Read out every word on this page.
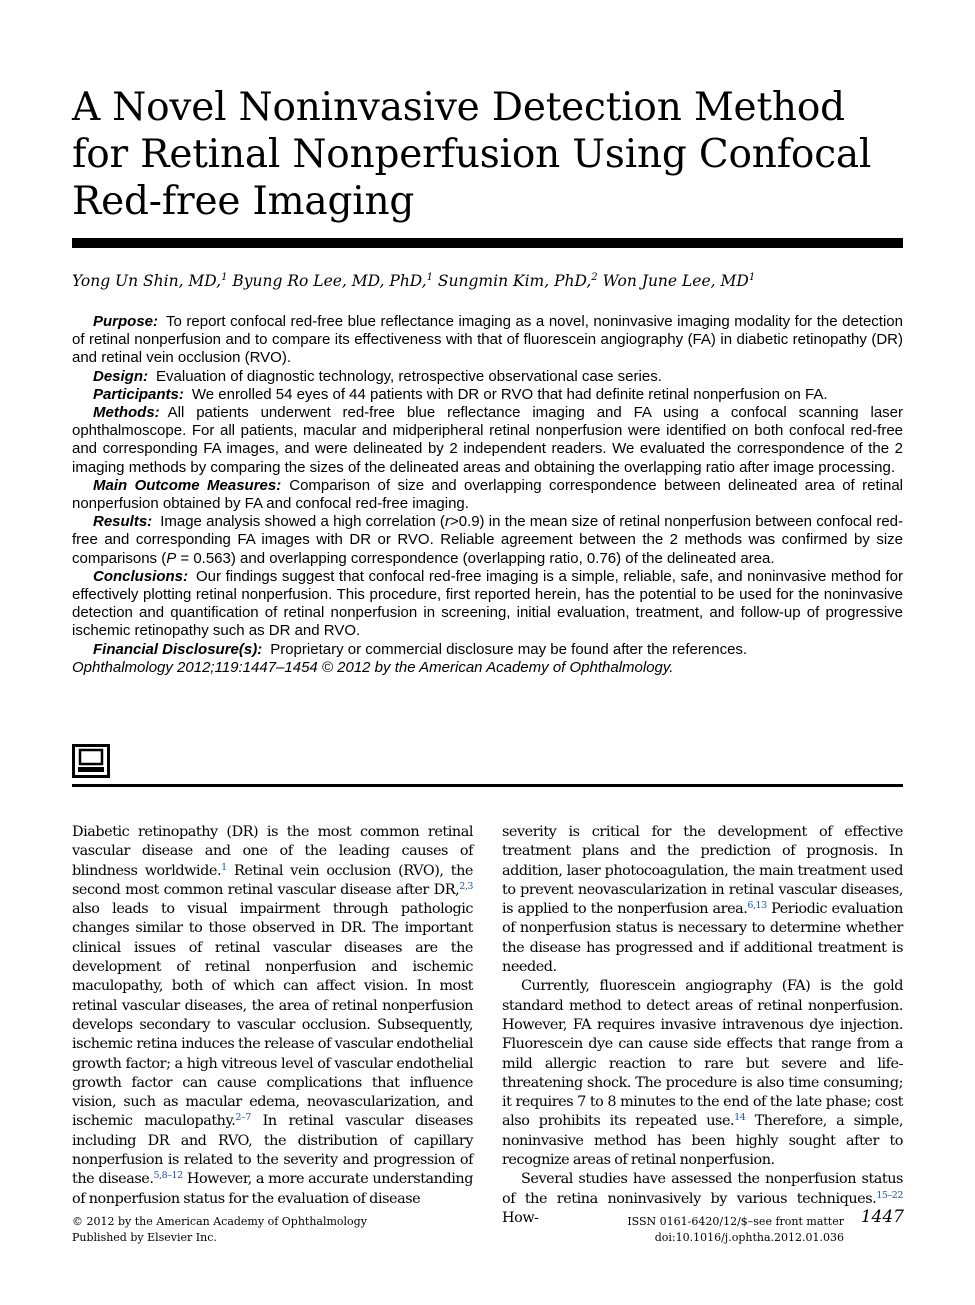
A Novel Noninvasive Detection Method for Retinal Nonperfusion Using Confocal Red-free Imaging
Yong Un Shin, MD,$^1$ Byung Ro Lee, MD, PhD,$^1$ Sungmin Kim, PhD,$^2$ Won June Lee, $MD^1$

Purpose: To report confocal red-free blue reflectance imaging as a novel, noninvasive imaging modality for the detection of retinal nonperfusion and to compare its effectiveness with that of fluorescein angiography (FA) in diabetic retinopathy (DR) and retinal vein occlusion (RVO).

Design: Evaluation of diagnostic technology, retrospective observational case series.

Participants: We enrolled 54 eyes of 44 patients with DR or RVO that had definite retinal nonperfusion on FA.

Methods: All patients underwent red-free blue reflectance imaging and FA using a confocal scanning laser ophthalmoscope. For all patients, macular and midperipheral retinal nonperfusion were identified on both confocal red-free and corresponding FA images, and were delineated by 2 independent readers. We evaluated the correspondence of the 2 imaging methods by comparing the sizes of the delineated areas and obtaining the overlapping ratio after image processing.

Main Outcome Measures: Comparison of size and overlapping correspondence between delineated area of retinal nonperfusion obtained by FA and confocal red-free imaging.

Results: Image analysis showed a high correlation (r>0.9) in the mean size of retinal nonperfusion between confocal red-free and corresponding FA images with DR or RVO. Reliable agreement between the 2 methods was confirmed by size comparisons (P = 0.563) and overlapping correspondence (overlapping ratio, 0.76) of the delineated area.

Conclusions: Our findings suggest that confocal red-free imaging is a simple, reliable, safe, and noninvasive method for effectively plotting retinal nonperfusion. This procedure, first reported herein, has the potential to be used for the noninvasive detection and quantification of retinal nonperfusion in screening, initial evaluation, treatment, and follow-up of progressive ischemic retinopathy such as DR and RVO.

Financial Disclosure(s): Proprietary or commercial disclosure may be found after the references.

Ophthalmology 2012;119:1447–1454 © 2012 by the American Academy of Ophthalmology.

Diabetic retinopathy (DR) is the most common retinal vascular disease and one of the leading causes of blindness worldwide.$^1$ Retinal vein occlusion (RVO), the second most common retinal vascular disease after DR,$^{2,3}$ also leads to visual impairment through pathologic changes similar to those observed in DR. The important clinical issues of retinal vascular diseases are the development of retinal nonperfusion and ischemic maculopathy, both of which can affect vision. In most retinal vascular diseases, the area of retinal nonperfusion develops secondary to vascular occlusion. Subsequently, ischemic retina induces the release of vascular endothelial growth factor; a high vitreous level of vascular endothelial growth factor can cause complications that influence vision, such as macular edema, neovascularization, and ischemic maculopathy.$^{2-7}$ In retinal vascular diseases including DR and RVO, the distribution of capillary nonperfusion is related to the severity and progression of the disease.$^{5,8-12}$ However, a more accurate understanding of nonperfusion status for the evaluation of disease

severity is critical for the development of effective treatment plans and the prediction of prognosis. In addition, laser photocoagulation, the main treatment used to prevent neovascularization in retinal vascular diseases, is applied to the nonperfusion area.$^{6,13}$ Periodic evaluation of nonperfusion status is necessary to determine whether the disease has progressed and if additional treatment is needed.

Currently, fluorescein angiography (FA) is the gold standard method to detect areas of retinal nonperfusion. However, FA requires invasive intravenous dye injection. Fluorescein dye can cause side effects that range from a mild allergic reaction to rare but severe and life-threatening shock. The procedure is also time consuming; it requires 7 to 8 minutes to the end of the late phase; cost also prohibits its repeated use.$^{14}$ Therefore, a simple, noninvasive method has been highly sought after to recognize areas of retinal nonperfusion.

Several studies have assessed the nonperfusion status of the retina noninvasively by various techniques.$^{15-22}$ How-

© 2012 by the American Academy of Ophthalmology
Published by Elsevier Inc.
ISSN 0161-6420/12/$–see front matter
doi:10.1016/j.ophtha.2012.01.036
1447
